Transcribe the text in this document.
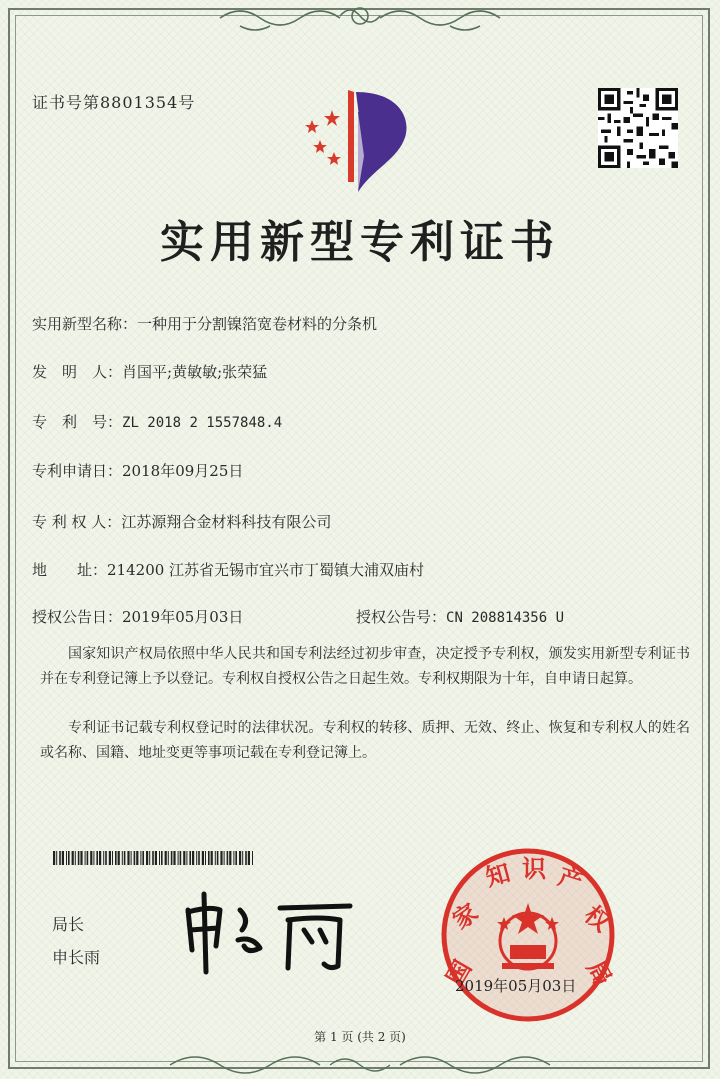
证书号第8801354号
实用新型专利证书
实用新型名称：一种用于分割镍箔宽卷材料的分条机
发　明　人：肖国平;黄敏敏;张荣猛
专　利　号：ZL 2018 2 1557848.4
专利申请日：2018年09月25日
专 利 权 人：江苏源翔合金材料科技有限公司
地　　址：214200 江苏省无锡市宜兴市丁蜀镇大浦双庙村
授权公告日：2019年05月03日	授权公告号：CN 208814356 U
国家知识产权局依照中华人民共和国专利法经过初步审查，决定授予专利权，颁发实用新型专利证书并在专利登记簿上予以登记。专利权自授权公告之日起生效。专利权期限为十年，自申请日起算。
专利证书记载专利权登记时的法律状况。专利权的转移、质押、无效、终止、恢复和专利权人的姓名或名称、国籍、地址变更等事项记载在专利登记簿上。
局长
申长雨	国
家
知 识 产
权
局
2019年05月03日
第 1 页 (共 2 页)
